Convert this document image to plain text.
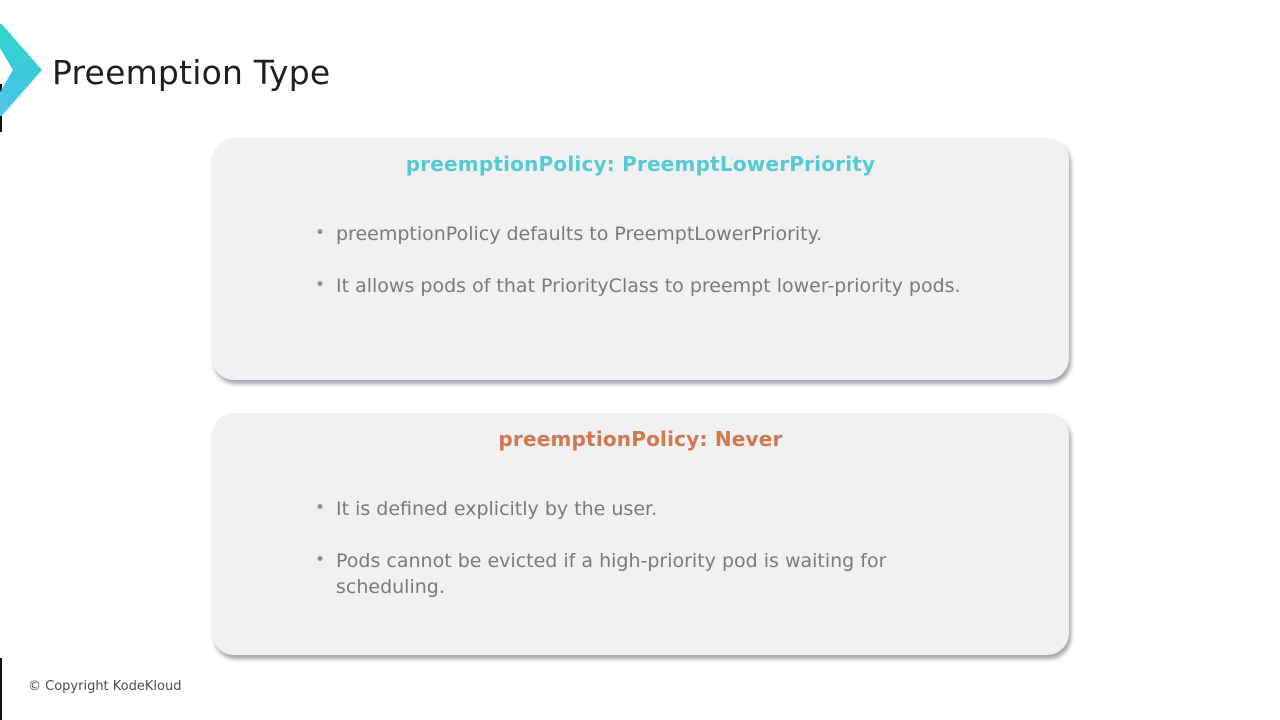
Preemption Type
preemptionPolicy: PreemptLowerPriority
• preemptionPolicy defaults to PreemptLowerPriority.
• It allows pods of that PriorityClass to preempt lower-priority pods.
preemptionPolicy: Never
• It is defined explicitly by the user.
• Pods cannot be evicted if a high-priority pod is waiting for scheduling.
© Copyright KodeKloud
